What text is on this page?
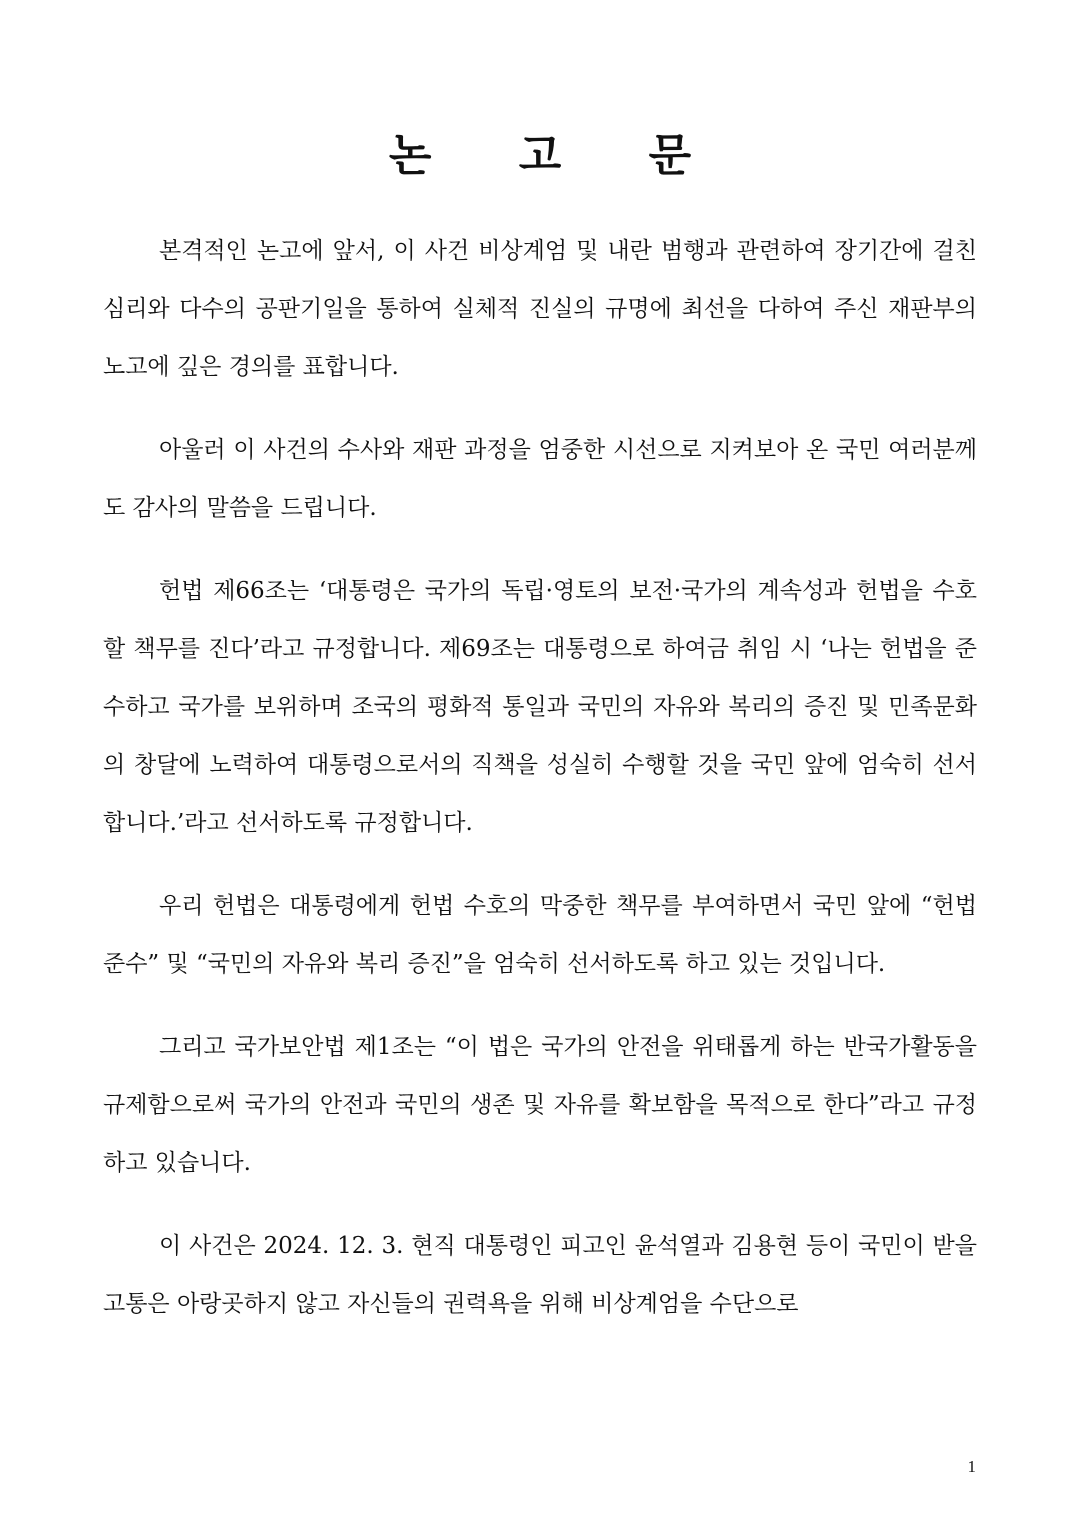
논 고 문

본격적인 논고에 앞서, 이 사건 비상계엄 및 내란 범행과 관련하여 장기간에 걸친 심리와 다수의 공판기일을 통하여 실체적 진실의 규명에 최선을 다하여 주신 재판부의 노고에 깊은 경의를 표합니다.

아울러 이 사건의 수사와 재판 과정을 엄중한 시선으로 지켜보아 온 국민 여러분께도 감사의 말씀을 드립니다.

헌법 제66조는 ‘대통령은 국가의 독립·영토의 보전·국가의 계속성과 헌법을 수호할 책무를 진다’라고 규정합니다. 제69조는 대통령으로 하여금 취임 시 ‘나는 헌법을 준수하고 국가를 보위하며 조국의 평화적 통일과 국민의 자유와 복리의 증진 및 민족문화의 창달에 노력하여 대통령으로서의 직책을 성실히 수행할 것을 국민 앞에 엄숙히 선서합니다.’라고 선서하도록 규정합니다.

우리 헌법은 대통령에게 헌법 수호의 막중한 책무를 부여하면서 국민 앞에 “헌법 준수” 및 “국민의 자유와 복리 증진”을 엄숙히 선서하도록 하고 있는 것입니다.

그리고 국가보안법 제1조는 “이 법은 국가의 안전을 위태롭게 하는 반국가활동을 규제함으로써 국가의 안전과 국민의 생존 및 자유를 확보함을 목적으로 한다”라고 규정하고 있습니다.

이 사건은 2024. 12. 3. 현직 대통령인 피고인 윤석열과 김용현 등이 국민이 받을 고통은 아랑곳하지 않고 자신들의 권력욕을 위해 비상계엄을 수단으로

1
